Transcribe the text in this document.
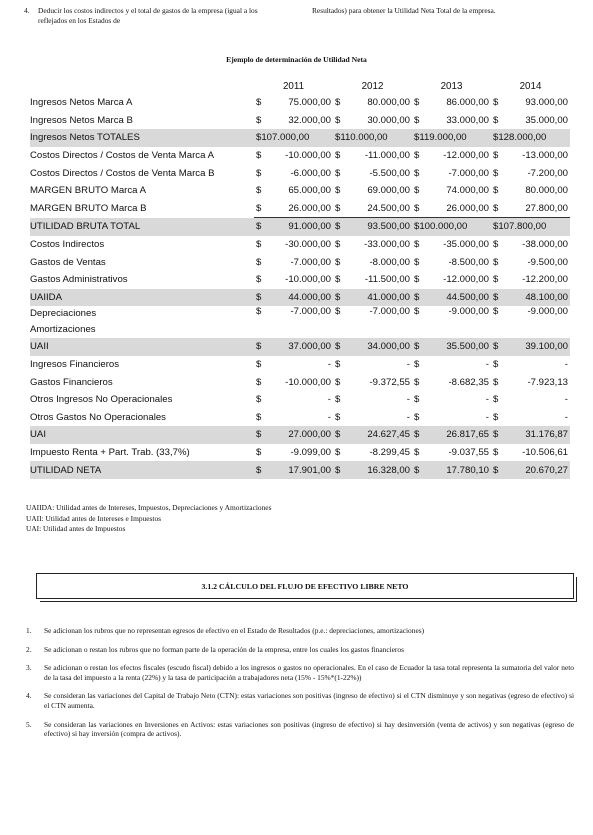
4.	Deducir los costos indirectos y el total de gastos de la empresa (igual a los reflejados en los Estados de
Resultados) para obtener la Utilidad Neta Total de la empresa.
Ejemplo de determinación de Utilidad Neta
	2011	2012	2013	2014
Ingresos Netos Marca A	$ 75.000,00	$ 80.000,00	$ 86.000,00	$ 93.000,00

Ingresos Netos Marca B	$ 32.000,00	$ 30.000,00	$ 33.000,00	$ 35.000,00

Ingresos Netos TOTALES	$107.000,00	$110.000,00	$119.000,00	$128.000,00

Costos Directos / Costos de Venta Marca A	$ -10.000,00	$ -11.000,00	$ -12.000,00	$ -13.000,00

Costos Directos / Costos de Venta Marca B	$ -6.000,00	$ -5.500,00	$ -7.000,00	$ -7.200,00

MARGEN BRUTO Marca A	$ 65.000,00	$ 69.000,00	$ 74.000,00	$ 80.000,00

MARGEN BRUTO Marca B	$ 26.000,00	$ 24.500,00	$ 26.000,00	$ 27.800,00

UTILIDAD BRUTA TOTAL	$ 91.000,00	$ 93.500,00	$100.000,00	$107.800,00

Costos Indirectos	$ -30.000,00	$ -33.000,00	$ -35.000,00	$ -38.000,00

Gastos de Ventas	$ -7.000,00	$ -8.000,00	$ -8.500,00	$ -9.500,00

Gastos Administrativos	$ -10.000,00	$ -11.500,00	$ -12.000,00	$ -12.200,00

UAIIDA	$ 44.000,00	$ 41.000,00	$ 44.500,00	$ 48.100,00

Depreciaciones
Amortizaciones	$ -7.000,00	$ -7.000,00	$ -9.000,00	$ -9.000,00

UAII	$ 37.000,00	$ 34.000,00	$ 35.500,00	$ 39.100,00

Ingresos Financieros	$ -	$ -	$ -	$ -

Gastos Financieros	$ -10.000,00	$ -9.372,55	$ -8.682,35	$ -7.923,13

Otros Ingresos No Operacionales	$ -	$ -	$ -	$ -

Otros Gastos No Operacionales	$ -	$ -	$ -	$ -

UAI	$ 27.000,00	$ 24.627,45	$ 26.817,65	$ 31.176,87

Impuesto Renta + Part. Trab. (33,7%)	$ -9.099,00	$ -8.299,45	$ -9.037,55	$ -10.506,61

UTILIDAD NETA	$ 17.901,00	$ 16.328,00	$ 17.780,10	$ 20.670,27
UAIIDA: Utilidad antes de Intereses, Impuestos, Depreciaciones y Amortizaciones
UAII: Utilidad antes de Intereses e Impuestos
UAI: Utilidad antes de Impuestos
3.1.2 CÁLCULO DEL FLUJO DE EFECTIVO LIBRE NETO
1.	Se adicionan los rubros que no representan egresos de efectivo en el Estado de Resultados (p.e.: depreciaciones, amortizaciones)
2.	Se adicionan o restan los rubros que no forman parte de la operación de la empresa, entre los cuales los gastos financieros
3.	Se adicionan o restan los efectos fiscales (escudo fiscal) debido a los ingresos o gastos no operacionales. En el caso de Ecuador la tasa total representa la sumatoria del valor neto de la tasa del impuesto a la renta (22%) y la tasa de participación a trabajadores neta (15% - 15%*(1-22%))
4.	Se consideran las variaciones del Capital de Trabajo Neto (CTN): estas variaciones son positivas (ingreso de efectivo) si el CTN disminuye y son negativas (egreso de efectivo) si el CTN aumenta.
5.	Se consideran las variaciones en Inversiones en Activos: estas variaciones son positivas (ingreso de efectivo) si hay desinversión (venta de activos) y son negativas (egreso de efectivo) si hay inversión (compra de activos).
